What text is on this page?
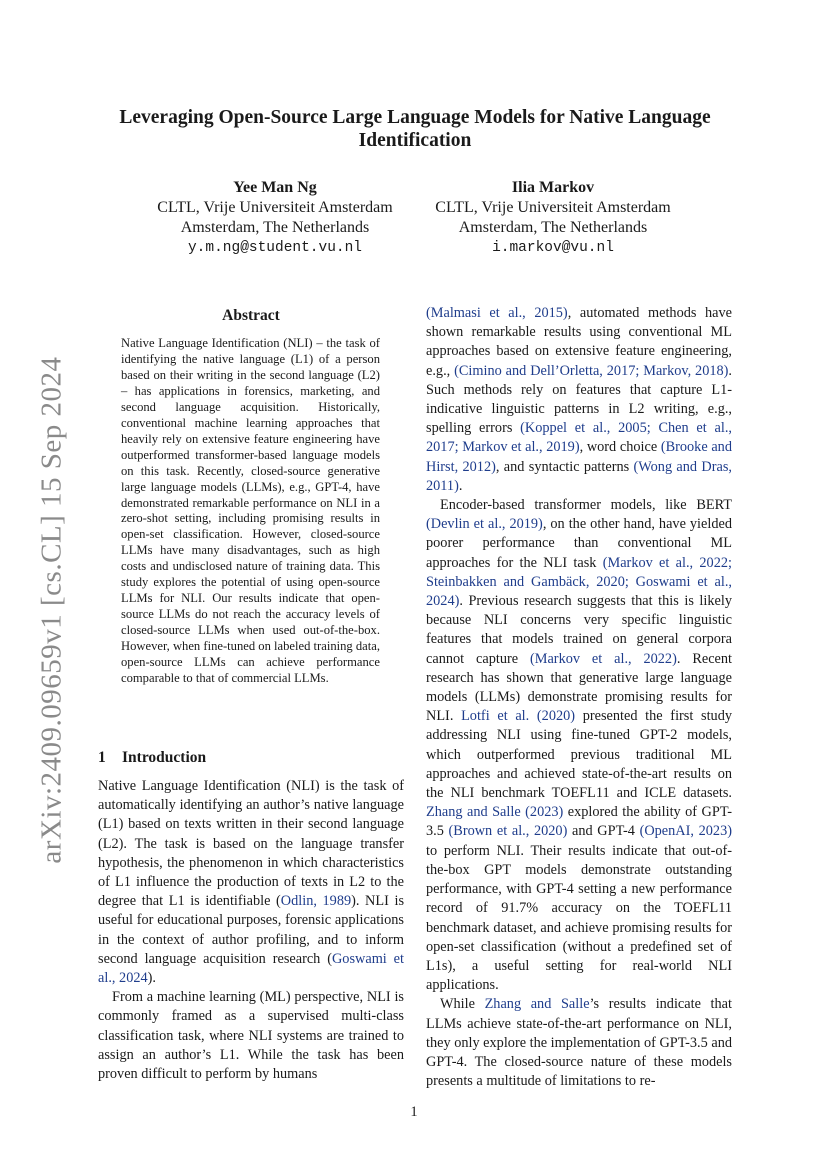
arXiv:2409.09659v1 [cs.CL] 15 Sep 2024
Leveraging Open-Source Large Language Models for Native Language
Identification
Yee Man Ng
CLTL, Vrije Universiteit Amsterdam
Amsterdam, The Netherlands
y.m.ng@student.vu.nl
Ilia Markov
CLTL, Vrije Universiteit Amsterdam
Amsterdam, The Netherlands
i.markov@vu.nl
Abstract
Native Language Identification (NLI) – the task of identifying the native language (L1) of a person based on their writing in the second language (L2) – has applications in forensics, marketing, and second language acquisition. Historically, conventional machine learning approaches that heavily rely on extensive feature engineering have outperformed transformer-based language models on this task. Recently, closed-source generative large language models (LLMs), e.g., GPT-4, have demonstrated remarkable performance on NLI in a zero-shot setting, including promising results in open-set classification. However, closed-source LLMs have many disadvantages, such as high costs and undisclosed nature of training data. This study explores the potential of using open-source LLMs for NLI. Our results indicate that open-source LLMs do not reach the accuracy levels of closed-source LLMs when used out-of-the-box. However, when fine-tuned on labeled training data, open-source LLMs can achieve performance comparable to that of commercial LLMs.
1 Introduction

Native Language Identification (NLI) is the task of automatically identifying an author’s native language (L1) based on texts written in their second language (L2). The task is based on the language transfer hypothesis, the phenomenon in which characteristics of L1 influence the production of texts in L2 to the degree that L1 is identifiable (Odlin, 1989). NLI is useful for educational purposes, forensic applications in the context of author profiling, and to inform second language acquisition research (Goswami et al., 2024).

From a machine learning (ML) perspective, NLI is commonly framed as a supervised multi-class classification task, where NLI systems are trained to assign an author’s L1. While the task has been proven difficult to perform by humans

(Malmasi et al., 2015), automated methods have shown remarkable results using conventional ML approaches based on extensive feature engineering, e.g., (Cimino and Dell’Orletta, 2017; Markov, 2018). Such methods rely on features that capture L1-indicative linguistic patterns in L2 writing, e.g., spelling errors (Koppel et al., 2005; Chen et al., 2017; Markov et al., 2019), word choice (Brooke and Hirst, 2012), and syntactic patterns (Wong and Dras, 2011).

Encoder-based transformer models, like BERT (Devlin et al., 2019), on the other hand, have yielded poorer performance than conventional ML approaches for the NLI task (Markov et al., 2022; Steinbakken and Gambäck, 2020; Goswami et al., 2024). Previous research suggests that this is likely because NLI concerns very specific linguistic features that models trained on general corpora cannot capture (Markov et al., 2022). Recent research has shown that generative large language models (LLMs) demonstrate promising results for NLI. Lotfi et al. (2020) presented the first study addressing NLI using fine-tuned GPT-2 models, which outperformed previous traditional ML approaches and achieved state-of-the-art results on the NLI benchmark TOEFL11 and ICLE datasets. Zhang and Salle (2023) explored the ability of GPT-3.5 (Brown et al., 2020) and GPT-4 (OpenAI, 2023) to perform NLI. Their results indicate that out-of-the-box GPT models demonstrate outstanding performance, with GPT-4 setting a new performance record of 91.7% accuracy on the TOEFL11 benchmark dataset, and achieve promising results for open-set classification (without a predefined set of L1s), a useful setting for real-world NLI applications.

While Zhang and Salle’s results indicate that LLMs achieve state-of-the-art performance on NLI, they only explore the implementation of GPT-3.5 and GPT-4. The closed-source nature of these models presents a multitude of limitations to re-

1
